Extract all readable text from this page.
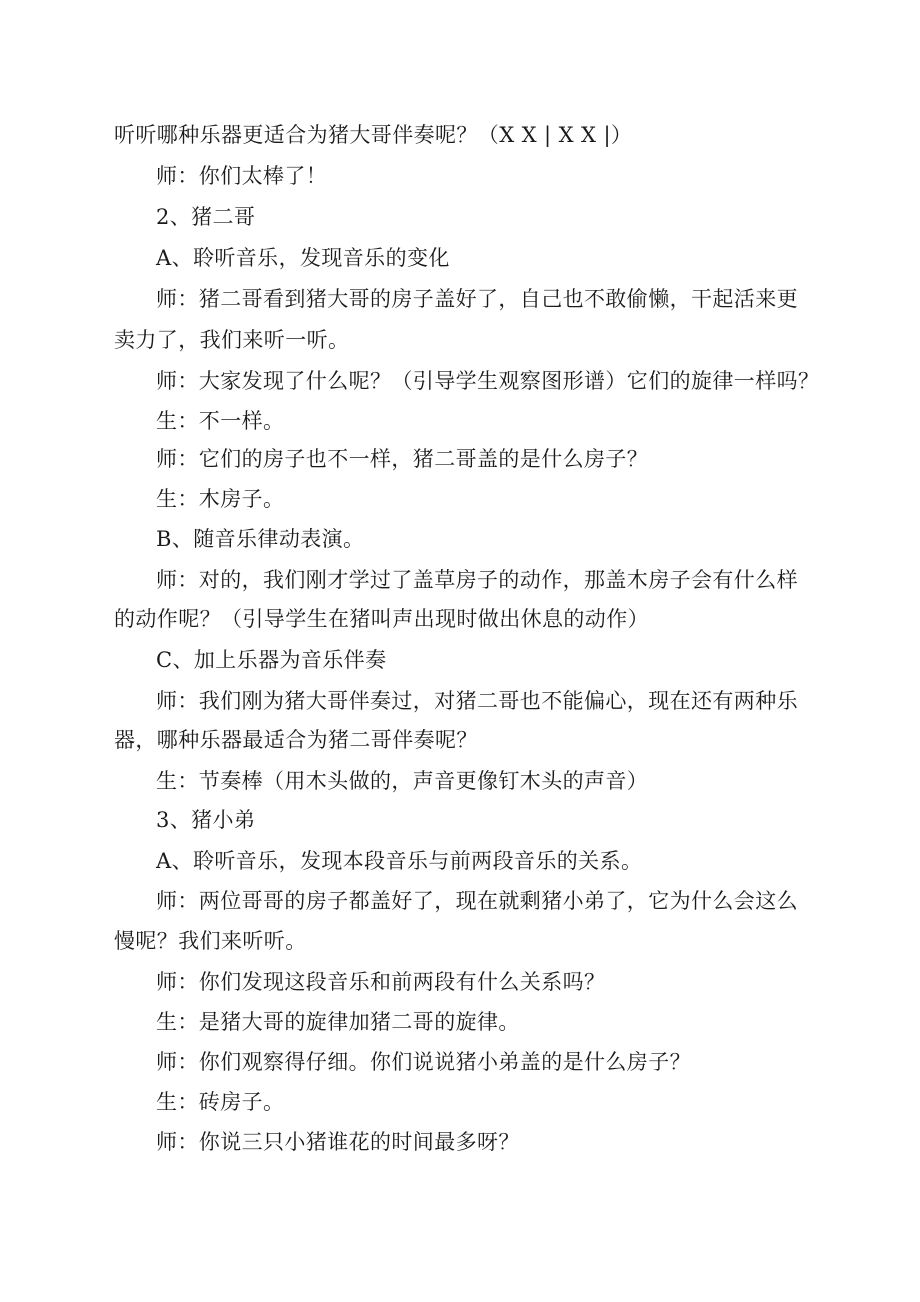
听听哪种乐器更适合为猪大哥伴奏呢？（X X | X X |）
师：你们太棒了！
2、猪二哥
A、聆听音乐，发现音乐的变化
师：猪二哥看到猪大哥的房子盖好了，自己也不敢偷懒，干起活来更
卖力了，我们来听一听。
师：大家发现了什么呢？（引导学生观察图形谱）它们的旋律一样吗？
生：不一样。
师：它们的房子也不一样，猪二哥盖的是什么房子？
生：木房子。
B、随音乐律动表演。
师：对的，我们刚才学过了盖草房子的动作，那盖木房子会有什么样
的动作呢？（引导学生在猪叫声出现时做出休息的动作）
C、加上乐器为音乐伴奏
师：我们刚为猪大哥伴奏过，对猪二哥也不能偏心，现在还有两种乐
器，哪种乐器最适合为猪二哥伴奏呢？
生：节奏棒（用木头做的，声音更像钉木头的声音）
3、猪小弟
A、聆听音乐，发现本段音乐与前两段音乐的关系。
师：两位哥哥的房子都盖好了，现在就剩猪小弟了，它为什么会这么
慢呢？我们来听听。
师：你们发现这段音乐和前两段有什么关系吗？
生：是猪大哥的旋律加猪二哥的旋律。
师：你们观察得仔细。你们说说猪小弟盖的是什么房子？
生：砖房子。
师：你说三只小猪谁花的时间最多呀？
